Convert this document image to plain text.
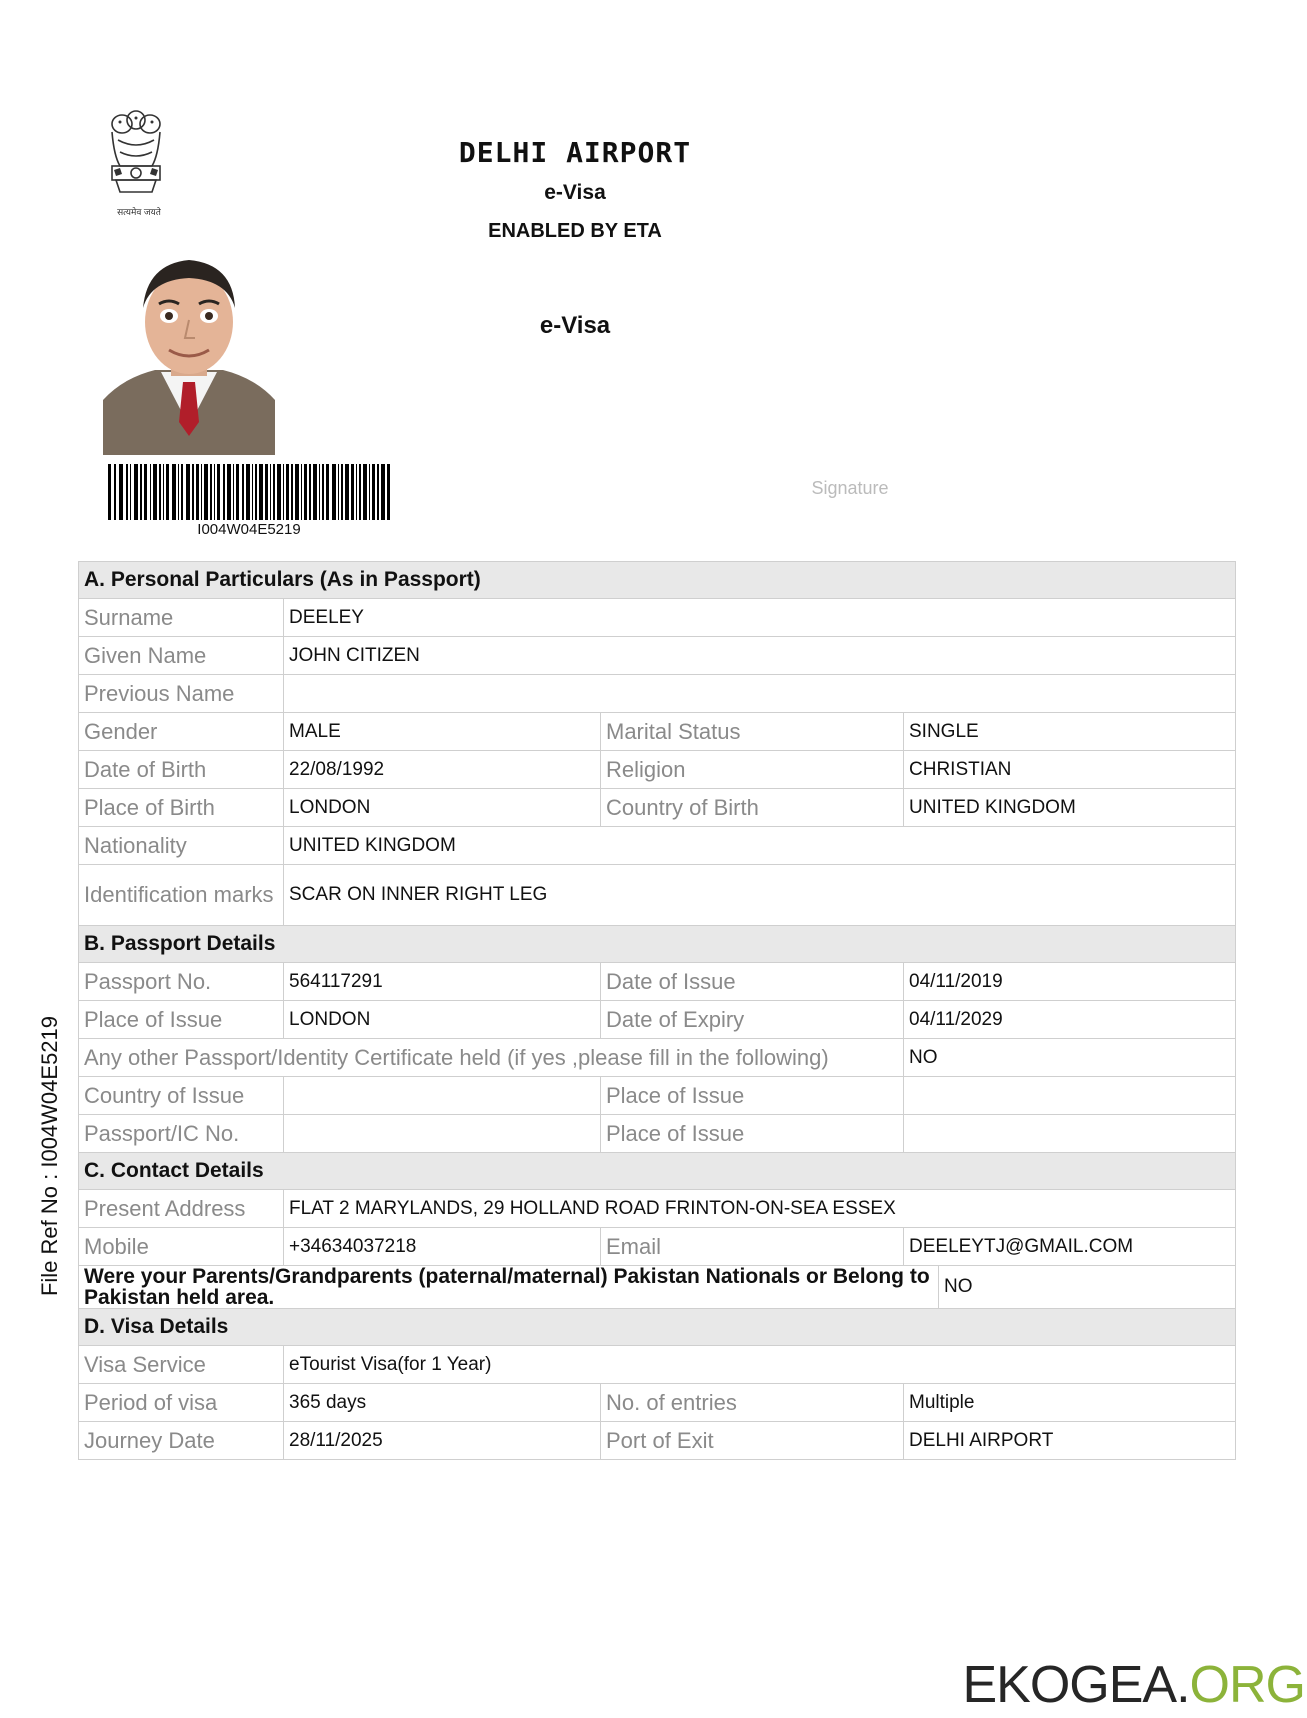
सत्यमेव जयते
DELHI AIRPORT
e-Visa
ENABLED BY ETA
e-Visa
I004W04E5219
Signature
File Ref No : I004W04E5219
A. Personal Particulars (As in Passport)				
Surname	DEELEY			
Given Name	JOHN CITIZEN			
Previous Name				
Gender	MALE	Marital Status	SINGLE	
Date of Birth	22/08/1992	Religion	CHRISTIAN	
Place of Birth	LONDON	Country of Birth	UNITED KINGDOM	
Nationality	UNITED KINGDOM			
Identification marks	SCAR ON INNER RIGHT LEG			
B. Passport Details				
Passport No.	564117291	Date of Issue	04/11/2019	
Place of Issue	LONDON	Date of Expiry	04/11/2029	
Any other Passport/Identity Certificate held (if yes ,please fill in the following)			NO	
Country of Issue		Place of Issue		
Passport/IC No.		Place of Issue		
C. Contact Details				
Present Address	FLAT 2 MARYLANDS, 29 HOLLAND ROAD FRINTON-ON-SEA ESSEX			
Mobile	+34634037218	Email	DEELEYTJ@GMAIL.COM	
Were your Parents/Grandparents (paternal/maternal) Pakistan Nationals or Belong to Pakistan held area.				NO
D. Visa Details				
Visa Service	eTourist Visa(for 1 Year)			
Period of visa	365 days	No. of entries	Multiple	
Journey Date	28/11/2025	Port of Exit	DELHI AIRPORT	
EKOGEA.ORG
